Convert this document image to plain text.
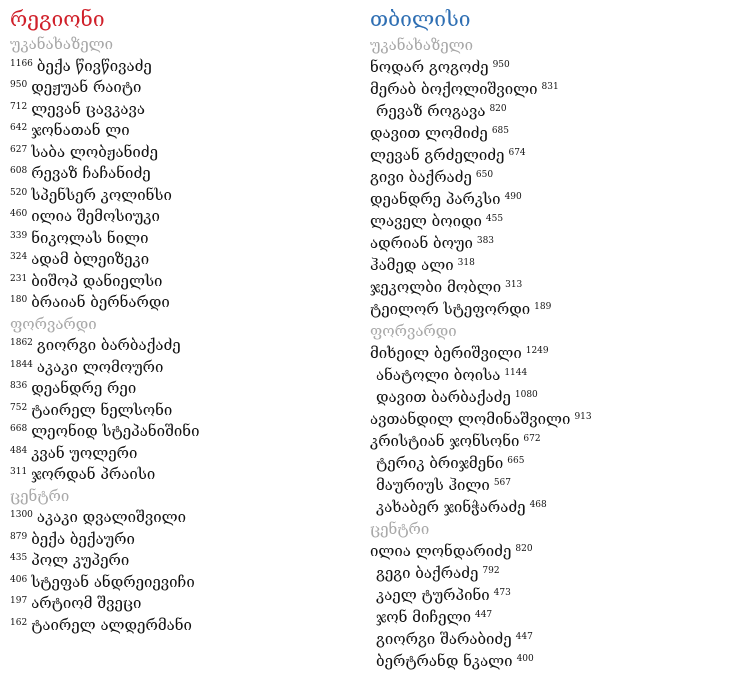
რეგიონი
უკანახაზელი
$^{1166}$ ბექა წივწივაძე
$^{950}$ დეჟუან რაიტი
$^{712}$ ლევან ცავკავა
$^{642}$ ჯონათან ლი
$^{627}$ საბა ლობჟანიძე
$^{608}$ რევაზ ჩაჩანიძე
$^{520}$ სპენსერ კოლინსი
$^{460}$ ილია შემოსიუკი
$^{339}$ ნიკოლას ნილი
$^{324}$ ადამ ბლეიზეკი
$^{231}$ ბიშოპ დანიელსი
$^{180}$ ბრაიან ბერნარდი
ფორვარდი
$^{1862}$ გიორგი ბარბაქაძე
$^{1844}$ აკაკი ლომოური
$^{836}$ დეანდრე რეი
$^{752}$ ტაირელ ნელსონი
$^{668}$ ლეონიდ სტეპანიშინი
$^{484}$ კვან უოლერი
$^{311}$ ჯორდან პრაისი
ცენტრი
$^{1300}$ აკაკი დვალიშვილი
$^{879}$ ბექა ბექაური
$^{435}$ პოლ კუპერი
$^{406}$ სტეფან ანდრეიევიჩი
$^{197}$ არტიომ შვეცი
$^{162}$ ტაირელ ალდერმანი
თბილისი
უკანახაზელი
ნოდარ გოგოძე $^{950}$
მერაბ ბოქოლიშვილი $^{831}$
რევაზ როგავა $^{820}$
დავით ლომიძე $^{685}$
ლევან გრძელიძე $^{674}$
გივი ბაქრაძე $^{650}$
დეანდრე პარკსი $^{490}$
ლაველ ბოიდი $^{455}$
ადრიან ბოუი $^{383}$
ჰამედ ალი $^{318}$
ჯეკოლბი მობლი $^{313}$
ტეილორ სტეფორდი $^{189}$
ფორვარდი
მიხეილ ბერიშვილი $^{1249}$
ანატოლი ბოისა $^{1144}$
დავით ბარბაქაძე $^{1080}$
ავთანდილ ლომინაშვილი $^{913}$
კრისტიან ჯონსონი $^{672}$
ტერიკ ბრიჯმენი $^{665}$
მაურიუს ჰილი $^{567}$
კახაბერ ჯინჭარაძე $^{468}$
ცენტრი
ილია ლონდარიძე $^{820}$
გეგი ბაქრაძე $^{792}$
კაელ ტურპინი $^{473}$
ჯონ მიჩელი $^{447}$
გიორგი შარაბიძე $^{447}$
ბერტრანდ ნკალი $^{400}$
